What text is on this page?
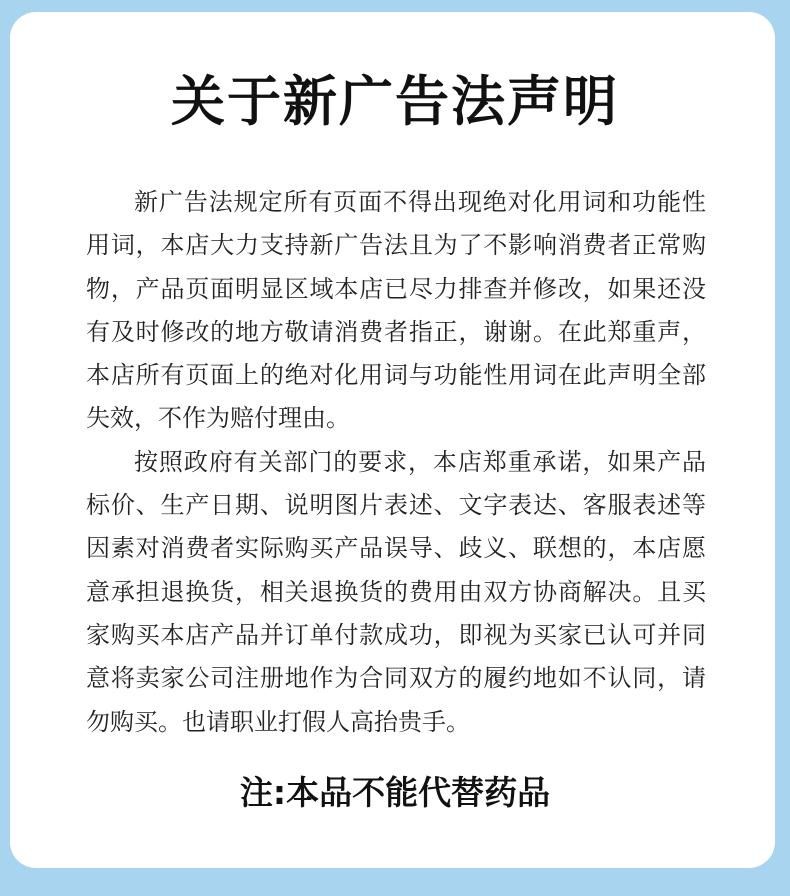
关于新广告法声明

新广告法规定所有页面不得出现绝对化用词和功能性用词，本店大力支持新广告法且为了不影响消费者正常购物，产品页面明显区域本店已尽力排查并修改，如果还没有及时修改的地方敬请消费者指正，谢谢。在此郑重声，本店所有页面上的绝对化用词与功能性用词在此声明全部失效，不作为赔付理由。

按照政府有关部门的要求，本店郑重承诺，如果产品标价、生产日期、说明图片表述、文字表达、客服表述等因素对消费者实际购买产品误导、歧义、联想的，本店愿意承担退换货，相关退换货的费用由双方协商解决。且买家购买本店产品并订单付款成功，即视为买家已认可并同意将卖家公司注册地作为合同双方的履约地如不认同，请勿购买。也请职业打假人高抬贵手。

注:本品不能代替药品
